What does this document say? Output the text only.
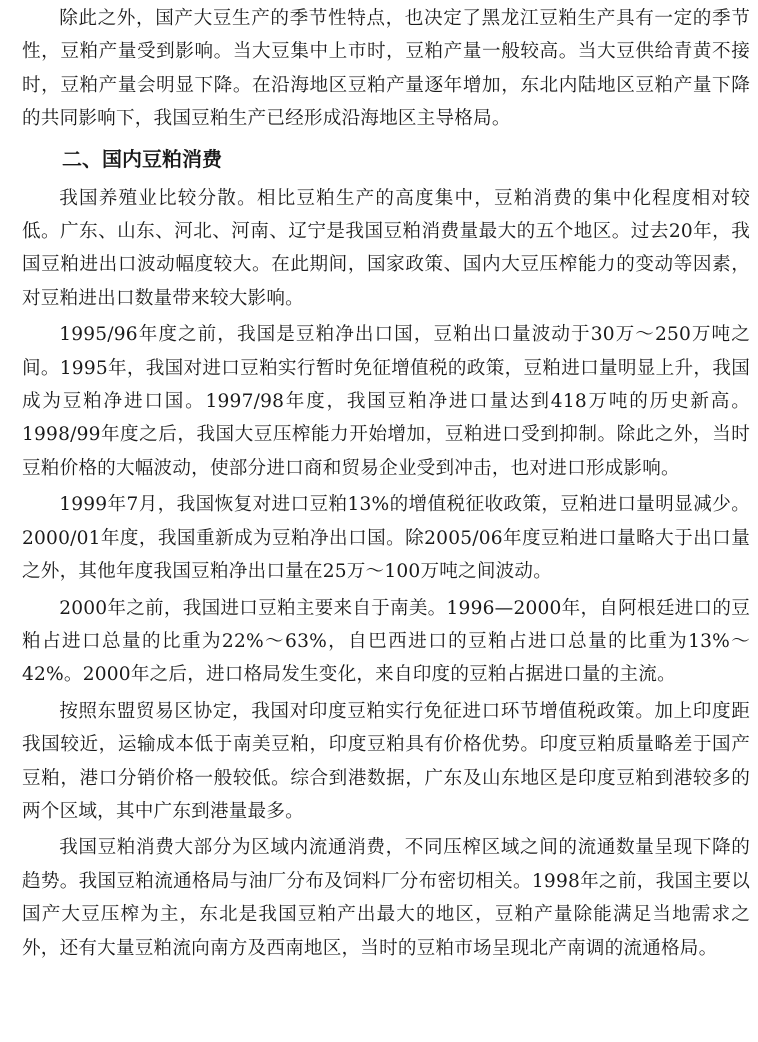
除此之外，国产大豆生产的季节性特点，也决定了黑龙江豆粕生产具有一定的季节性，豆粕产量受到影响。当大豆集中上市时，豆粕产量一般较高。当大豆供给青黄不接时，豆粕产量会明显下降。在沿海地区豆粕产量逐年增加，东北内陆地区豆粕产量下降的共同影响下，我国豆粕生产已经形成沿海地区主导格局。

二、国内豆粕消费

我国养殖业比较分散。相比豆粕生产的高度集中，豆粕消费的集中化程度相对较低。广东、山东、河北、河南、辽宁是我国豆粕消费量最大的五个地区。过去20年，我国豆粕进出口波动幅度较大。在此期间，国家政策、国内大豆压榨能力的变动等因素，对豆粕进出口数量带来较大影响。

1995/96年度之前，我国是豆粕净出口国，豆粕出口量波动于30万～250万吨之间。1995年，我国对进口豆粕实行暂时免征增值税的政策，豆粕进口量明显上升，我国成为豆粕净进口国。1997/98年度，我国豆粕净进口量达到418万吨的历史新高。1998/99年度之后，我国大豆压榨能力开始增加，豆粕进口受到抑制。除此之外，当时豆粕价格的大幅波动，使部分进口商和贸易企业受到冲击，也对进口形成影响。

1999年7月，我国恢复对进口豆粕13%的增值税征收政策，豆粕进口量明显减少。2000/01年度，我国重新成为豆粕净出口国。除2005/06年度豆粕进口量略大于出口量之外，其他年度我国豆粕净出口量在25万～100万吨之间波动。

2000年之前，我国进口豆粕主要来自于南美。1996—2000年，自阿根廷进口的豆粕占进口总量的比重为22%～63%，自巴西进口的豆粕占进口总量的比重为13%～42%。2000年之后，进口格局发生变化，来自印度的豆粕占据进口量的主流。

按照东盟贸易区协定，我国对印度豆粕实行免征进口环节增值税政策。加上印度距我国较近，运输成本低于南美豆粕，印度豆粕具有价格优势。印度豆粕质量略差于国产豆粕，港口分销价格一般较低。综合到港数据，广东及山东地区是印度豆粕到港较多的两个区域，其中广东到港量最多。

我国豆粕消费大部分为区域内流通消费，不同压榨区域之间的流通数量呈现下降的趋势。我国豆粕流通格局与油厂分布及饲料厂分布密切相关。1998年之前，我国主要以国产大豆压榨为主，东北是我国豆粕产出最大的地区，豆粕产量除能满足当地需求之外，还有大量豆粕流向南方及西南地区，当时的豆粕市场呈现北产南调的流通格局。
